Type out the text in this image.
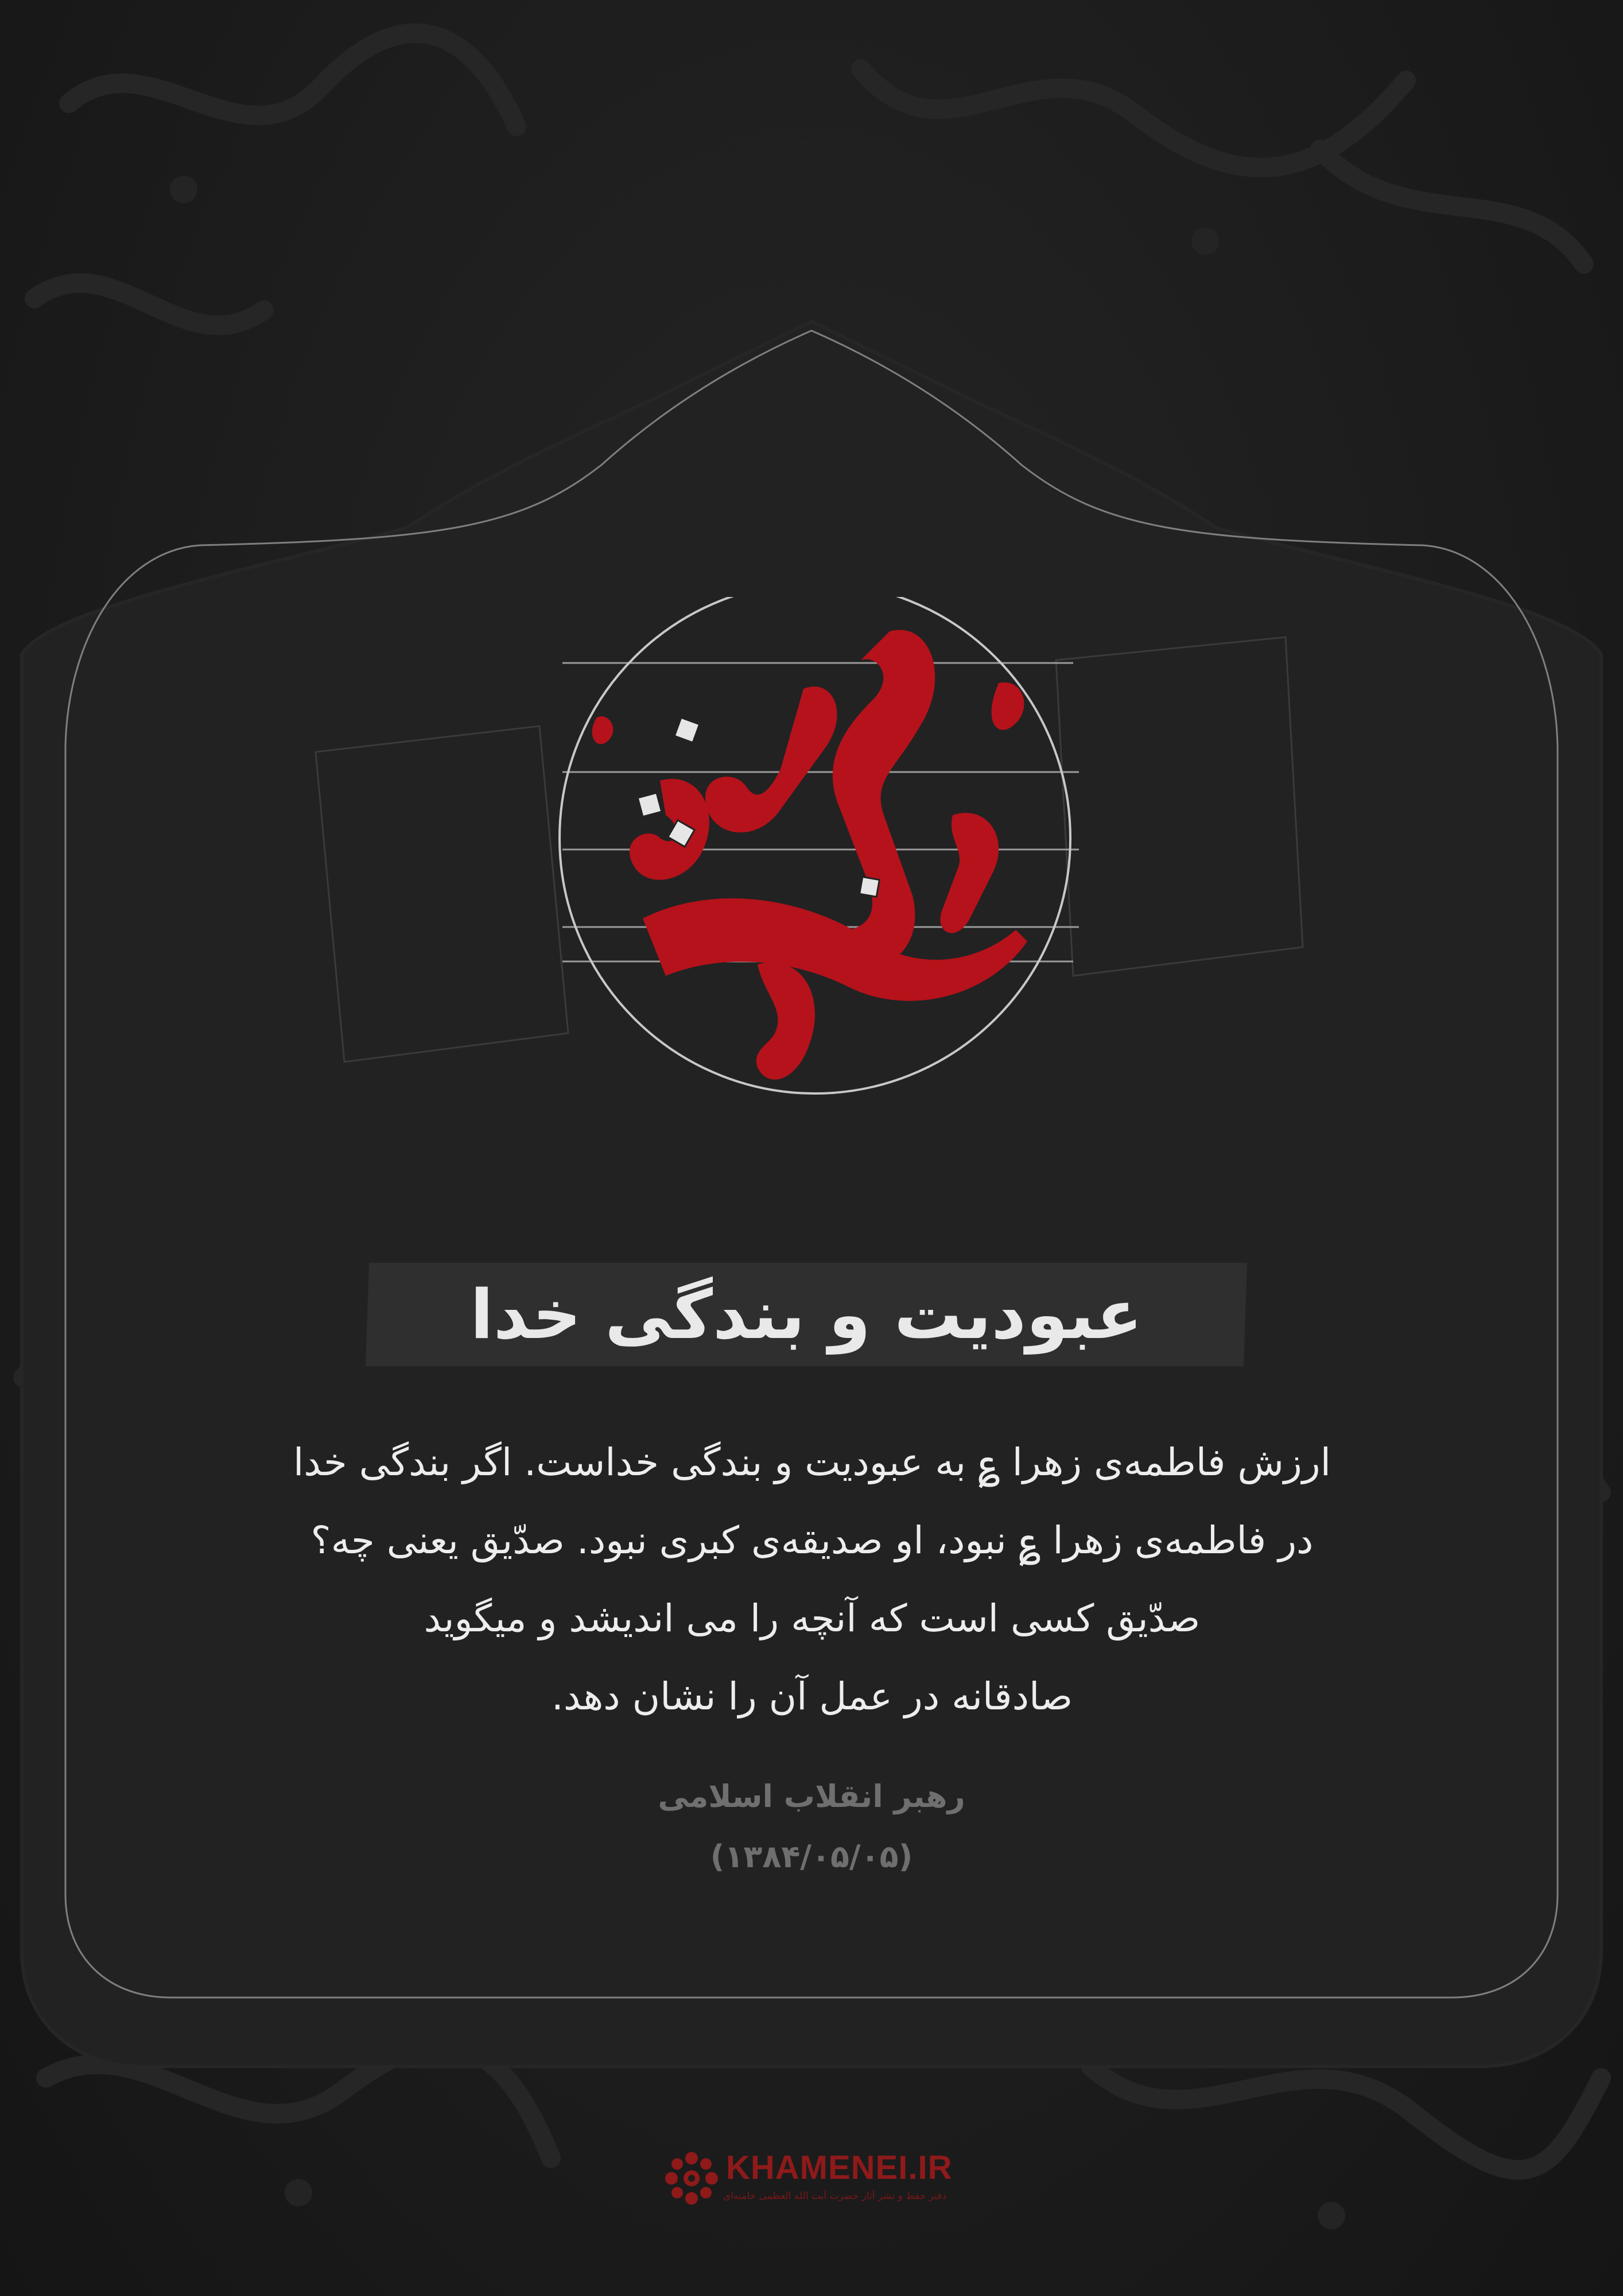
عبودیت و بندگی خدا
ارزش فاطمه‌ی زهرا ؏ به عبودیت و بندگی خداست. اگر بندگی خدا
در فاطمه‌ی زهرا ؏ نبود، او صدیقه‌ی کبری نبود. صدّیق یعنی چه؟
صدّیق کسی است که آنچه را می اندیشد و میگوید
صادقانه در عمل آن را نشان دهد.
رهبر انقلاب اسلامی
(۱۳۸۴/۰۵/۰۵)
KHAMENEI.IR
دفتر حفظ و نشر آثار حضرت آیت الله العظمی خامنه‌ای
